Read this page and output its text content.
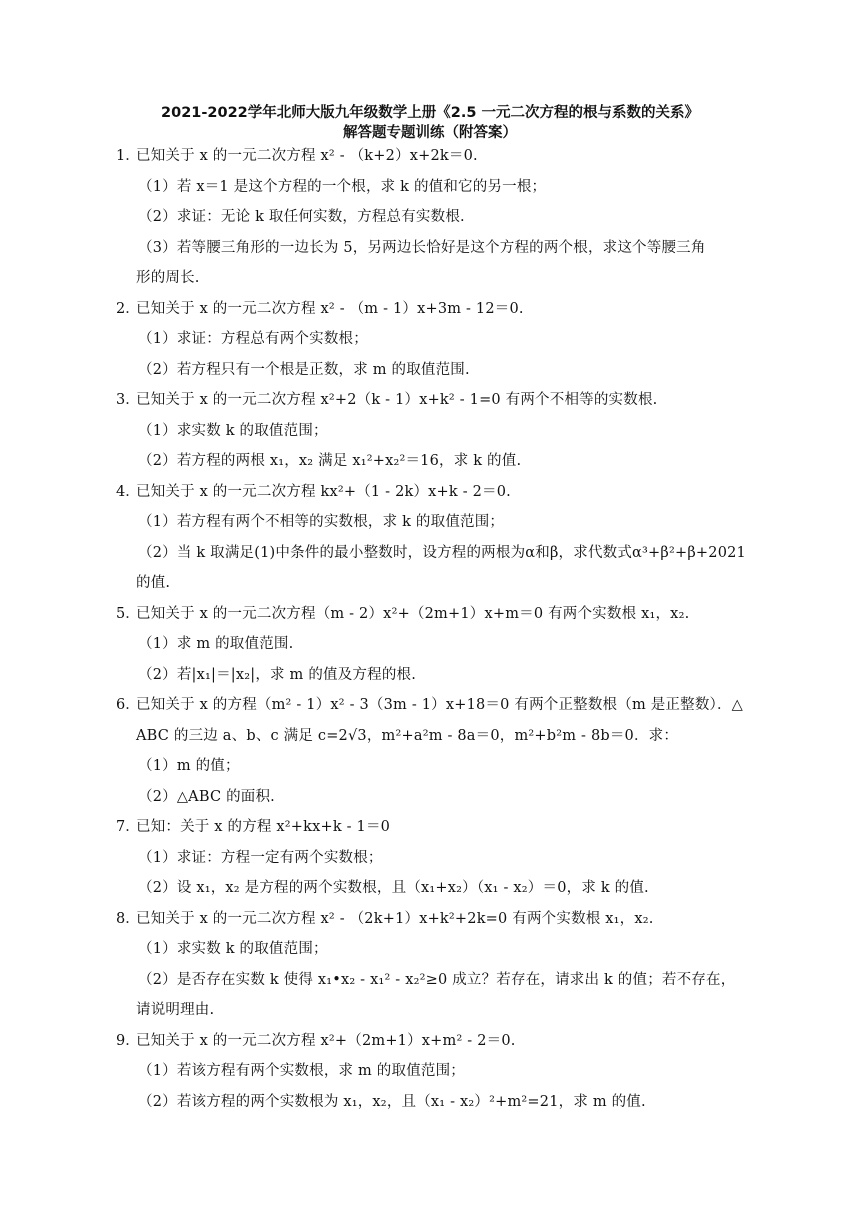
2021-2022学年北师大版九年级数学上册《2.5 一元二次方程的根与系数的关系》
解答题专题训练（附答案）
1．
已知关于 x 的一元二次方程 x² - （k+2）x+2k＝0.
（1）若 x＝1 是这个方程的一个根，求 k 的值和它的另一根；
（2）求证：无论 k 取任何实数，方程总有实数根.
（3）若等腰三角形的一边长为 5，另两边长恰好是这个方程的两个根，求这个等腰三角
形的周长.
2．
已知关于 x 的一元二次方程 x² - （m - 1）x+3m - 12＝0.
（1）求证：方程总有两个实数根；
（2）若方程只有一个根是正数，求 m 的取值范围.
3．
已知关于 x 的一元二次方程 x²+2（k - 1）x+k² - 1=0 有两个不相等的实数根.
（1）求实数 k 的取值范围；
（2）若方程的两根 x₁，x₂ 满足 x₁²+x₂²＝16，求 k 的值.
4．
已知关于 x 的一元二次方程 kx²+（1 - 2k）x+k - 2＝0.
（1）若方程有两个不相等的实数根，求 k 的取值范围；
（2）当 k 取满足(1)中条件的最小整数时，设方程的两根为α和β，求代数式α³+β²+β+2021
的值.
5．
已知关于 x 的一元二次方程（m - 2）x²+（2m+1）x+m＝0 有两个实数根 x₁，x₂.
（1）求 m 的取值范围.
（2）若|x₁|＝|x₂|，求 m 的值及方程的根.
6．
已知关于 x 的方程（m² - 1）x² - 3（3m - 1）x+18＝0 有两个正整数根（m 是正整数）．△
ABC 的三边 a、b、c 满足 c=2√3，m²+a²m - 8a＝0，m²+b²m - 8b＝0．求：
（1）m 的值；
（2）△ABC 的面积.
7．
已知：关于 x 的方程 x²+kx+k - 1＝0
（1）求证：方程一定有两个实数根；
（2）设 x₁，x₂ 是方程的两个实数根，且（x₁+x₂）（x₁ - x₂）＝0，求 k 的值.
8．
已知关于 x 的一元二次方程 x² - （2k+1）x+k²+2k=0 有两个实数根 x₁，x₂.
（1）求实数 k 的取值范围；
（2）是否存在实数 k 使得 x₁•x₂ - x₁² - x₂²≥0 成立？若存在，请求出 k 的值；若不存在，
请说明理由.
9．
已知关于 x 的一元二次方程 x²+（2m+1）x+m² - 2＝0.
（1）若该方程有两个实数根，求 m 的取值范围；
（2）若该方程的两个实数根为 x₁，x₂，且（x₁ - x₂）²+m²=21，求 m 的值.
